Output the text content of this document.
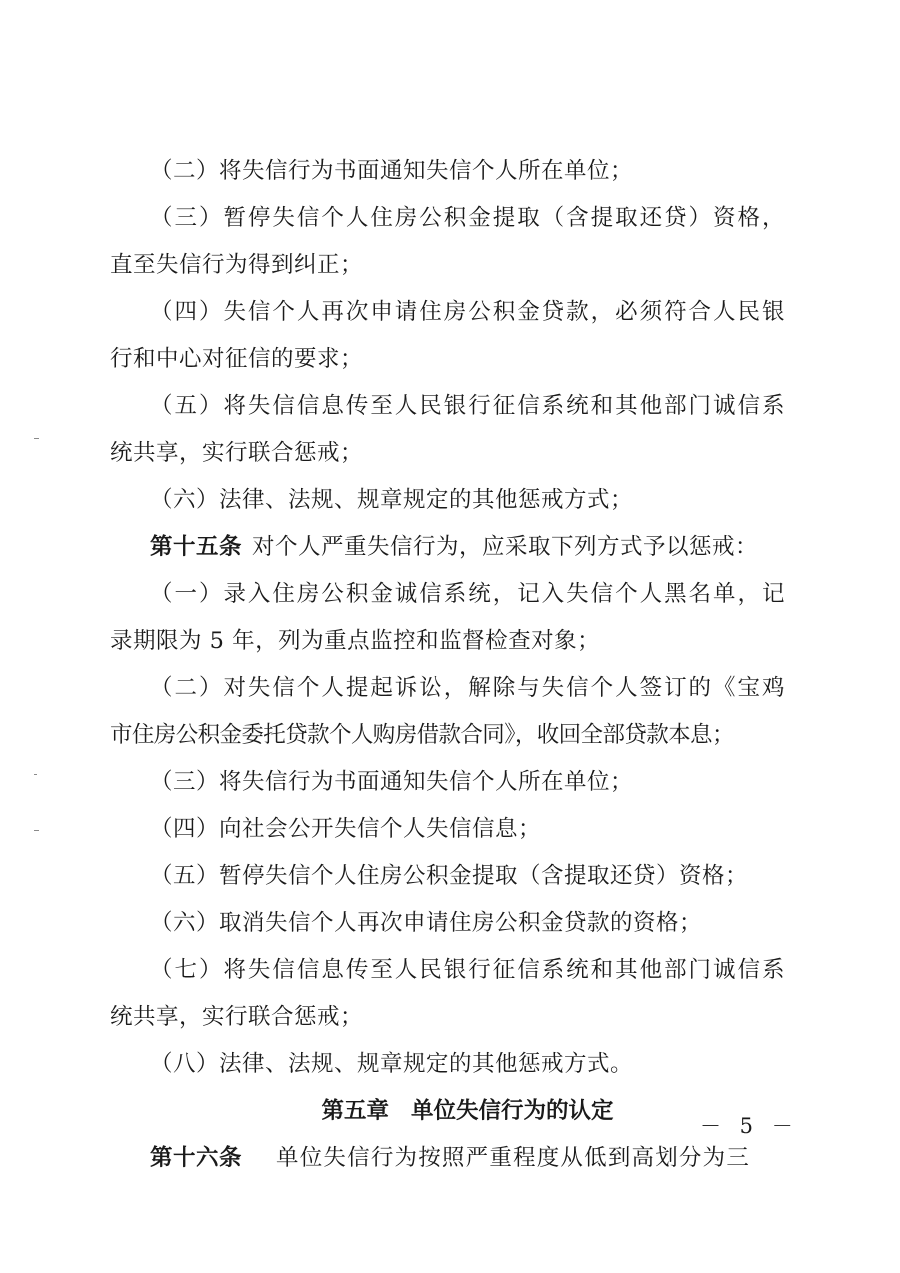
（二）将失信行为书面通知失信个人所在单位；
（三）暂停失信个人住房公积金提取（含提取还贷）资格，
直至失信行为得到纠正；
（四）失信个人再次申请住房公积金贷款，必须符合人民银
行和中心对征信的要求；
（五）将失信信息传至人民银行征信系统和其他部门诚信系
统共享，实行联合惩戒；
（六）法律、法规、规章规定的其他惩戒方式；
第十五条 对个人严重失信行为，应采取下列方式予以惩戒：
（一）录入住房公积金诚信系统，记入失信个人黑名单，记
录期限为 5 年，列为重点监控和监督检查对象；
（二）对失信个人提起诉讼，解除与失信个人签订的《宝鸡
市住房公积金委托贷款个人购房借款合同》，收回全部贷款本息；
（三）将失信行为书面通知失信个人所在单位；
（四）向社会公开失信个人失信信息；
（五）暂停失信个人住房公积金提取（含提取还贷）资格；
（六）取消失信个人再次申请住房公积金贷款的资格；
（七）将失信信息传至人民银行征信系统和其他部门诚信系
统共享，实行联合惩戒；
（八）法律、法规、规章规定的其他惩戒方式。
第五章 单位失信行为的认定
第十六条 单位失信行为按照严重程度从低到高划分为三
－ 5 －
